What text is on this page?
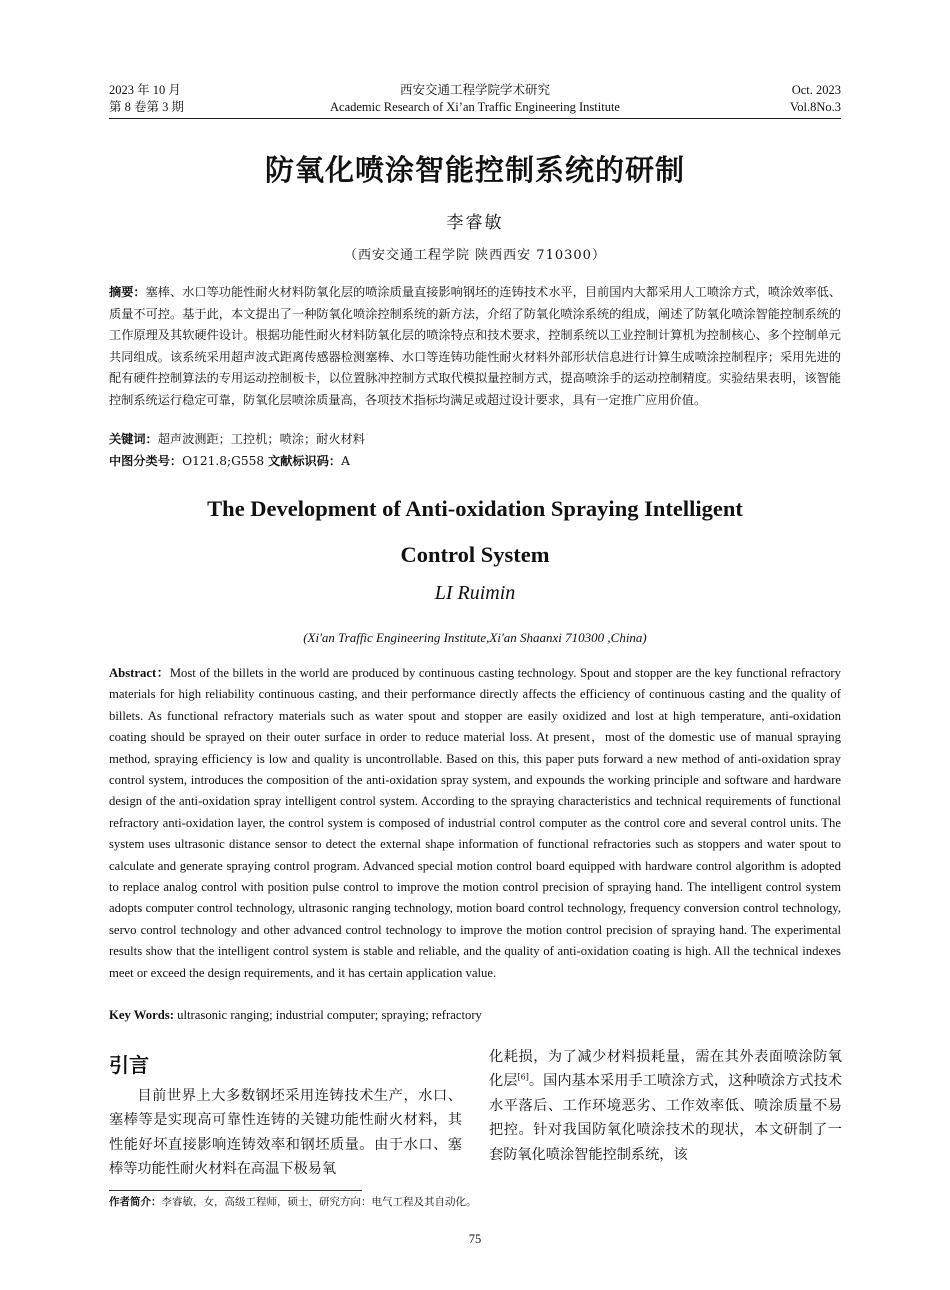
2023 年 10 月
第 8 卷第 3 期
西安交通工程学院学术研究
Academic Research of Xi’an Traffic Engineering Institute
Oct. 2023
Vol.8No.3
防氧化喷涂智能控制系统的研制
李睿敏
（西安交通工程学院 陕西西安 710300）
摘要：塞棒、水口等功能性耐火材料防氧化层的喷涂质量直接影响钢坯的连铸技术水平，目前国内大都采用人工喷涂方式，喷涂效率低、质量不可控。基于此，本文提出了一种防氧化喷涂控制系统的新方法，介绍了防氧化喷涂系统的组成，阐述了防氧化喷涂智能控制系统的工作原理及其软硬件设计。根据功能性耐火材料防氧化层的喷涂特点和技术要求，控制系统以工业控制计算机为控制核心、多个控制单元共同组成。该系统采用超声波式距离传感器检测塞棒、水口等连铸功能性耐火材料外部形状信息进行计算生成喷涂控制程序；采用先进的配有硬件控制算法的专用运动控制板卡，以位置脉冲控制方式取代模拟量控制方式，提高喷涂手的运动控制精度。实验结果表明，该智能控制系统运行稳定可靠，防氧化层喷涂质量高，各项技术指标均满足或超过设计要求，具有一定推广应用价值。
关键词：超声波测距；工控机；喷涂；耐火材料
中图分类号：O121.8;G558 文献标识码：A
The Development of Anti-oxidation Spraying Intelligent
Control System
LI Ruimin
(Xi'an Traffic Engineering Institute,Xi'an Shaanxi 710300 ,China)
Abstract：Most of the billets in the world are produced by continuous casting technology. Spout and stopper are the key functional refractory materials for high reliability continuous casting, and their performance directly affects the efficiency of continuous casting and the quality of billets. As functional refractory materials such as water spout and stopper are easily oxidized and lost at high temperature, anti-oxidation coating should be sprayed on their outer surface in order to reduce material loss. At present，most of the domestic use of manual spraying method, spraying efficiency is low and quality is uncontrollable. Based on this, this paper puts forward a new method of anti-oxidation spray control system, introduces the composition of the anti-oxidation spray system, and expounds the working principle and software and hardware design of the anti-oxidation spray intelligent control system. According to the spraying characteristics and technical requirements of functional refractory anti-oxidation layer, the control system is composed of industrial control computer as the control core and several control units. The system uses ultrasonic distance sensor to detect the external shape information of functional refractories such as stoppers and water spout to calculate and generate spraying control program. Advanced special motion control board equipped with hardware control algorithm is adopted to replace analog control with position pulse control to improve the motion control precision of spraying hand. The intelligent control system adopts computer control technology, ultrasonic ranging technology, motion board control technology, frequency conversion control technology, servo control technology and other advanced control technology to improve the motion control precision of spraying hand. The experimental results show that the intelligent control system is stable and reliable, and the quality of anti-oxidation coating is high. All the technical indexes meet or exceed the design requirements, and it has certain application value.
Key Words: ultrasonic ranging; industrial computer; spraying; refractory
引言

目前世界上大多数钢坯采用连铸技术生产，水口、塞棒等是实现高可靠性连铸的关键功能性耐火材料，其性能好坏直接影响连铸效率和钢坯质量。由于水口、塞棒等功能性耐火材料在高温下极易氧

化耗损，为了减少材料损耗量，需在其外表面喷涂防氧化层[6]。国内基本采用手工喷涂方式，这种喷涂方式技术水平落后、工作环境恶劣、工作效率低、喷涂质量不易把控。针对我国防氧化喷涂技术的现状，本文研制了一套防氧化喷涂智能控制系统，该

作者简介：李睿敏，女，高级工程师，硕士，研究方向：电气工程及其自动化。
75
